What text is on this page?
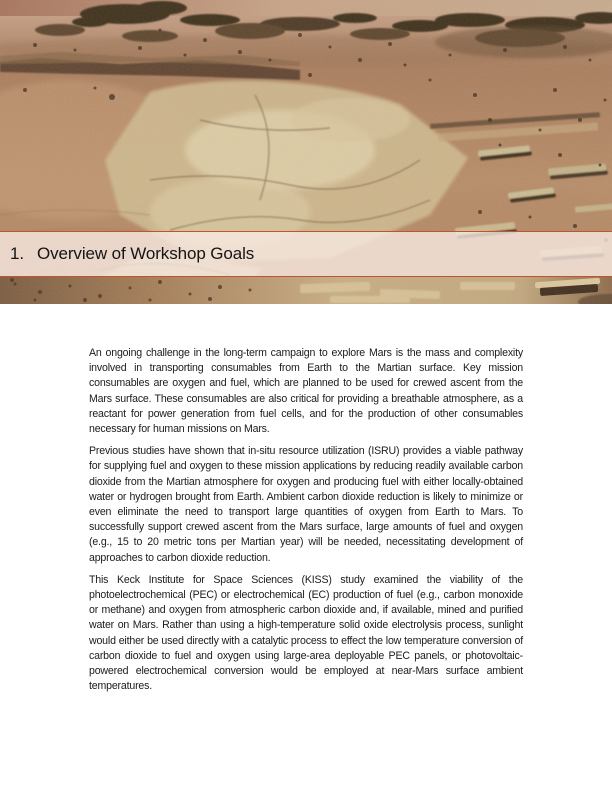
1. Overview of Workshop Goals

An ongoing challenge in the long-term campaign to explore Mars is the mass and complexity involved in transporting consumables from Earth to the Martian surface. Key mission consumables are oxygen and fuel, which are planned to be used for crewed ascent from the Mars surface. These consumables are also critical for providing a breathable atmosphere, as a reactant for power generation from fuel cells, and for the production of other consumables necessary for human missions on Mars.

Previous studies have shown that in-situ resource utilization (ISRU) provides a viable pathway for supplying fuel and oxygen to these mission applications by reducing readily available carbon dioxide from the Martian atmosphere for oxygen and producing fuel with either locally-obtained water or hydrogen brought from Earth. Ambient carbon dioxide reduction is likely to minimize or even eliminate the need to transport large quantities of oxygen from Earth to Mars. To successfully support crewed ascent from the Mars surface, large amounts of fuel and oxygen (e.g., 15 to 20 metric tons per Martian year) will be needed, necessitating development of approaches to carbon dioxide reduction.

This Keck Institute for Space Sciences (KISS) study examined the viability of the photoelectrochemical (PEC) or electrochemical (EC) production of fuel (e.g., carbon monoxide or methane) and oxygen from atmospheric carbon dioxide and, if available, mined and purified water on Mars. Rather than using a high-temperature solid oxide electrolysis process, sunlight would either be used directly with a catalytic process to effect the low temperature conversion of carbon dioxide to fuel and oxygen using large-area deployable PEC panels, or photovoltaic-powered electrochemical conversion would be employed at near-Mars surface ambient temperatures.
